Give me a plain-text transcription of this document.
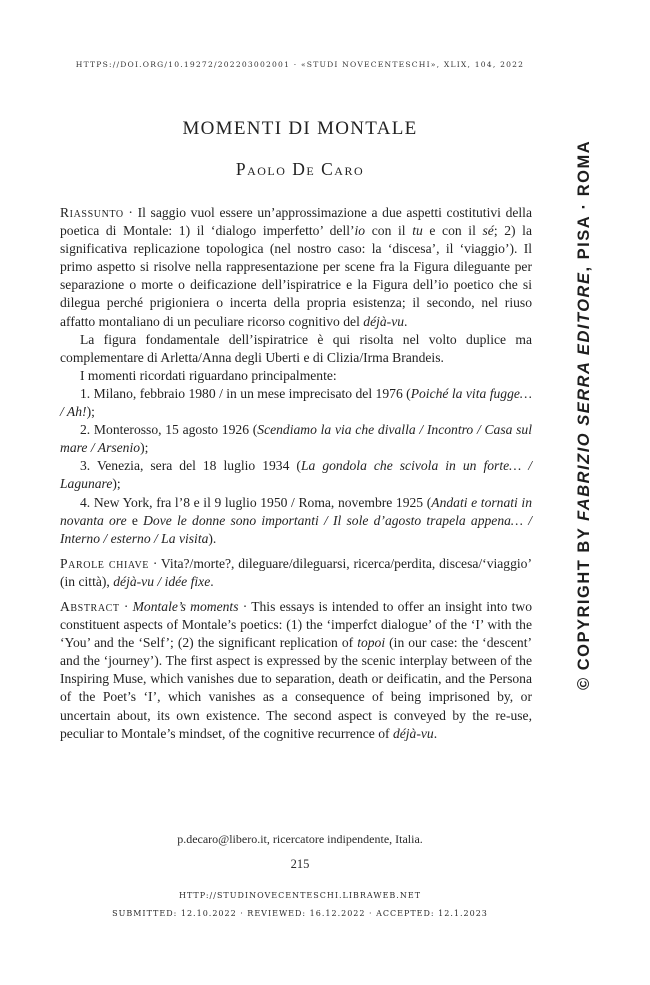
HTTPS://DOI.ORG/10.19272/202203002001 · «STUDI NOVECENTESCHI», XLIX, 104, 2022
MOMENTI DI MONTALE
Paolo De Caro

Riassunto · Il saggio vuol essere un’approssimazione a due aspetti costitutivi della poetica di Montale: 1) il ‘dialogo imperfetto’ dell’io con il tu e con il sé; 2) la significativa replicazione topologica (nel nostro caso: la ‘discesa’, il ‘viaggio’). Il primo aspetto si risolve nella rappresentazione per scene fra la Figura dileguante per separazione o morte o deificazione dell’ispiratrice e la Figura dell’io poetico che si dilegua perché prigioniera o incerta della propria esistenza; il secondo, nel riuso affatto montaliano di un peculiare ricorso cognitivo del déjà-vu.

La figura fondamentale dell’ispiratrice è qui risolta nel volto duplice ma complementare di Arletta/Anna degli Uberti e di Clizia/Irma Brandeis.

I momenti ricordati riguardano principalmente:

1. Milano, febbraio 1980 / in un mese imprecisato del 1976 (Poiché la vita fugge… / Ah!);

2. Monterosso, 15 agosto 1926 (Scendiamo la via che divalla / Incontro / Casa sul mare / Arsenio);

3. Venezia, sera del 18 luglio 1934 (La gondola che scivola in un forte… / Lagunare);

4. New York, fra l’8 e il 9 luglio 1950 / Roma, novembre 1925 (Andati e tornati in novanta ore e Dove le donne sono importanti / Il sole d’agosto trapela appena… / Interno / esterno / La visita).

Parole chiave · Vita?/morte?, dileguare/dileguarsi, ricerca/perdita, discesa/‘viaggio’ (in città), déjà-vu / idée fixe.

Abstract · Montale’s moments · This essays is intended to offer an insight into two constituent aspects of Montale’s poetics: (1) the ‘imperfct dialogue’ of the ‘I’ with the ‘You’ and the ‘Self’; (2) the significant replication of topoi (in our case: the ‘descent’ and the ‘journey’). The first aspect is expressed by the scenic interplay between of the Inspiring Muse, which vanishes due to separation, death or deificatin, and the Persona of the Poet’s ‘I’, which vanishes as a consequence of being imprisoned by, or uncertain about, its own existence. The second aspect is conveyed by the re-use, peculiar to Montale’s mindset, of the cognitive recurrence of déjà-vu.

p.decaro@libero.it, ricercatore indipendente, Italia.
215
HTTP://STUDINOVECENTESCHI.LIBRAWEB.NET
SUBMITTED: 12.10.2022 · REVIEWED: 16.12.2022 · ACCEPTED: 12.1.2023
© COPYRIGHT BY FABRIZIO SERRA EDITORE, PISA · ROMA
